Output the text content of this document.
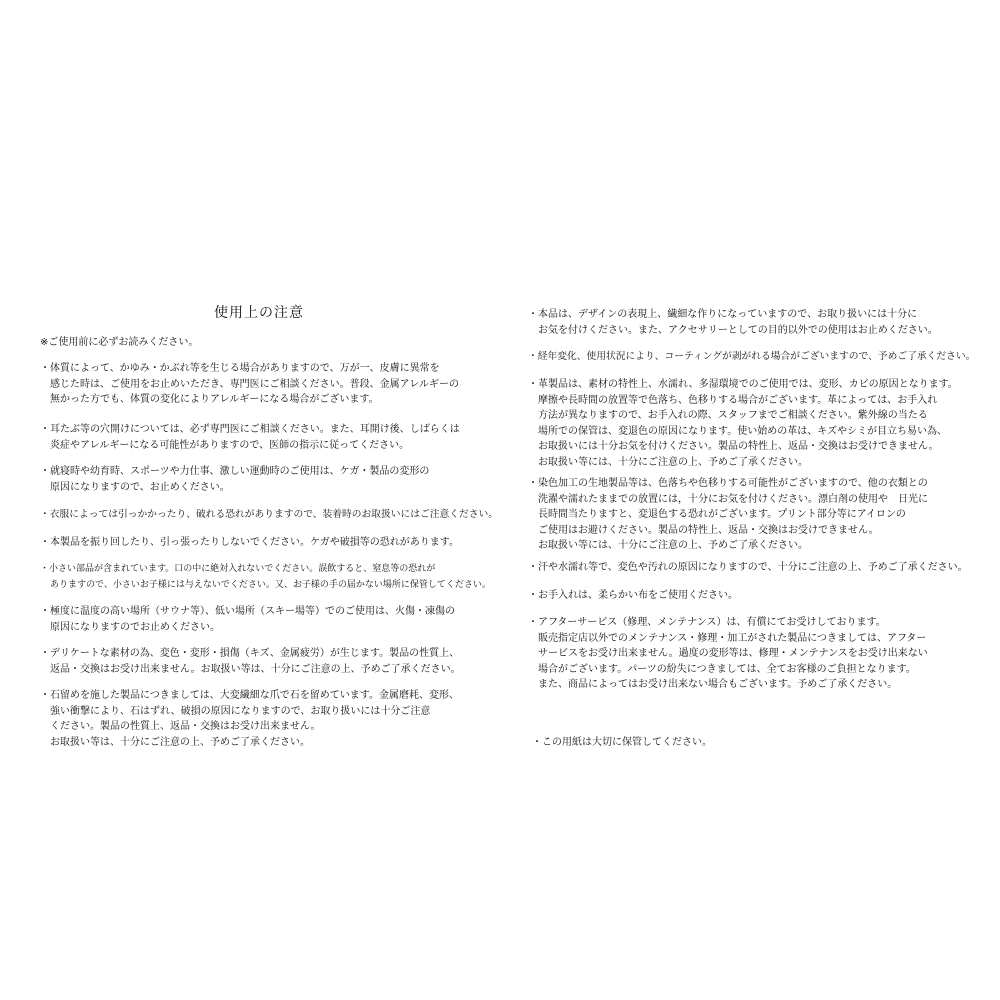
使用上の注意
※ご使用前に必ずお読みください。
・体質によって、かゆみ・かぶれ等を生じる場合がありますので、万が一、皮膚に異常を
感じた時は、ご使用をお止めいただき、専門医にご相談ください。普段、金属アレルギーの
無かった方でも、体質の変化によりアレルギーになる場合がございます。
・耳たぶ等の穴開けについては、必ず専門医にご相談ください。また、耳開け後、しばらくは
炎症やアレルギーになる可能性がありますので、医師の指示に従ってください。
・就寝時や幼育時、スポーツや力仕事、激しい運動時のご使用は、ケガ・製品の変形の
原因になりますので、お止めください。
・衣服によっては引っかかったり、破れる恐れがありますので、装着時のお取扱いにはご注意ください。
・本製品を振り回したり、引っ張ったりしないでください。ケガや破損等の恐れがあります。
・小さい部品が含まれています。口の中に絶対入れないでください。誤飲すると、窒息等の恐れが
ありますので、小さいお子様には与えないでください。又、お子様の手の届かない場所に保管してください。
・極度に温度の高い場所（サウナ等）、低い場所（スキー場等）でのご使用は、火傷・凍傷の
原因になりますのでお止めください。
・デリケートな素材の為、変色・変形・損傷（キズ、金属疲労）が生じます。製品の性質上、
返品・交換はお受け出来ません。お取扱い等は、十分にご注意の上、予めご了承ください。
・石留めを施した製品につきましては、大変繊細な爪で石を留めています。金属磨耗、変形、
強い衝撃により、石はずれ、破損の原因になりますので、お取り扱いには十分ご注意
ください。製品の性質上、返品・交換はお受け出来ません。
お取扱い等は、十分にご注意の上、予めご了承ください。
・本品は、デザインの表現上、繊細な作りになっていますので、お取り扱いには十分に
お気を付けください。また、アクセサリーとしての目的以外での使用はお止めください。
・経年変化、使用状況により、コーティングが剥がれる場合がございますので、予めご了承ください。
・革製品は、素材の特性上、水濡れ、多湿環境でのご使用では、変形、カビの原因となります。
摩擦や長時間の放置等で色落ち、色移りする場合がございます。革によっては、お手入れ
方法が異なりますので、お手入れの際、スタッフまでご相談ください。紫外線の当たる
場所での保管は、変退色の原因になります。使い始めの革は、キズやシミが目立ち易い為、
お取扱いには十分お気を付けください。製品の特性上、返品・交換はお受けできません。
お取扱い等には、十分にご注意の上、予めご了承ください。
・染色加工の生地製品等は、色落ちや色移りする可能性がございますので、他の衣類との
洗濯や濡れたままでの放置には，十分にお気を付けください。漂白剤の使用や　日光に
長時間当たりますと、変退色する恐れがございます。プリント部分等にアイロンの
ご使用はお避けください。製品の特性上、返品・交換はお受けできません。
お取扱い等には、十分にご注意の上、予めご了承ください。
・汗や水濡れ等で、変色や汚れの原因になりますので、十分にご注意の上、予めご了承ください。
・お手入れは、柔らかい布をご使用ください。
・アフターサービス（修理、メンテナンス）は、有償にてお受けしております。
販売指定店以外でのメンテナンス・修理・加工がされた製品につきましては、アフター
サービスをお受け出来ません。過度の変形等は、修理・メンテナンスをお受け出来ない
場合がございます。パーツの紛失につきましては、全てお客様のご負担となります。
また、商品によってはお受け出来ない場合もございます。予めご了承ください。
・この用紙は大切に保管してください。
